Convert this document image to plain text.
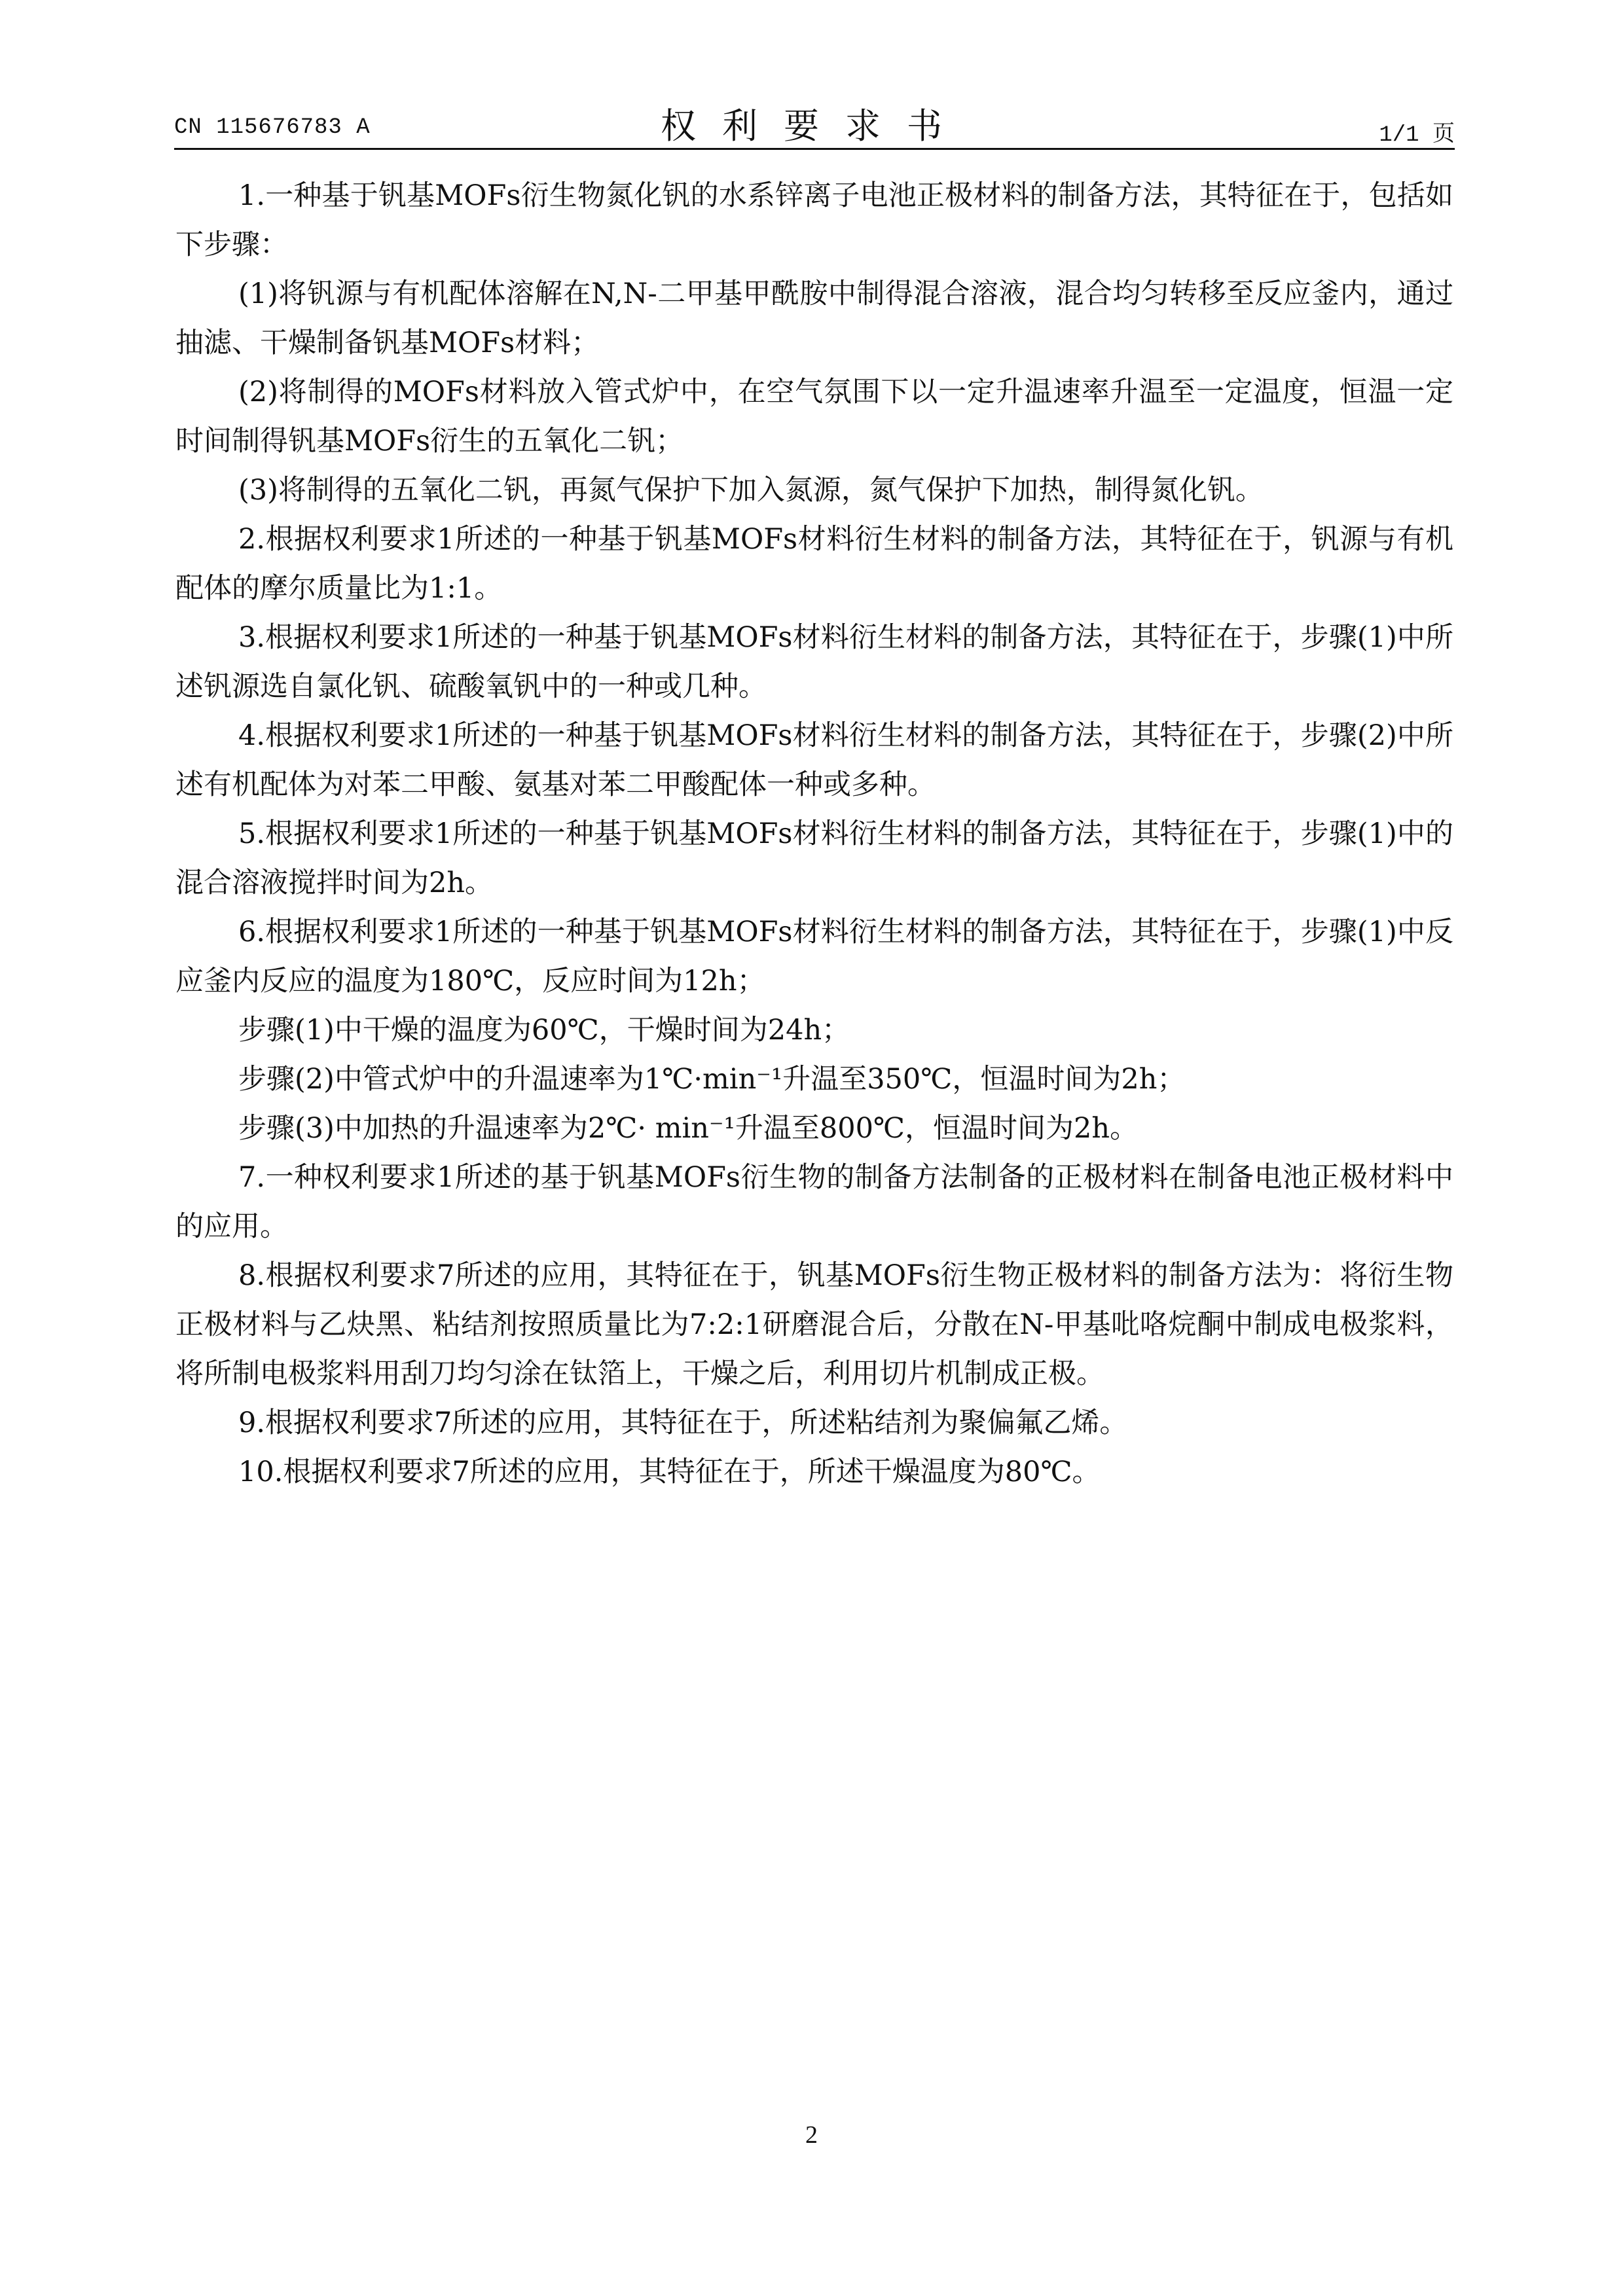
CN 115676783 A	权利要求书	1/1 页

1.一种基于钒基MOFs衍生物氮化钒的水系锌离子电池正极材料的制备方法，其特征在于，包括如下步骤：

(1)将钒源与有机配体溶解在N,N-二甲基甲酰胺中制得混合溶液，混合均匀转移至反应釜内，通过抽滤、干燥制备钒基MOFs材料；

(2)将制得的MOFs材料放入管式炉中，在空气氛围下以一定升温速率升温至一定温度，恒温一定时间制得钒基MOFs衍生的五氧化二钒；

(3)将制得的五氧化二钒，再氮气保护下加入氮源，氮气保护下加热，制得氮化钒。

2.根据权利要求1所述的一种基于钒基MOFs材料衍生材料的制备方法，其特征在于，钒源与有机配体的摩尔质量比为1:1。

3.根据权利要求1所述的一种基于钒基MOFs材料衍生材料的制备方法，其特征在于，步骤(1)中所述钒源选自氯化钒、硫酸氧钒中的一种或几种。

4.根据权利要求1所述的一种基于钒基MOFs材料衍生材料的制备方法，其特征在于，步骤(2)中所述有机配体为对苯二甲酸、氨基对苯二甲酸配体一种或多种。

5.根据权利要求1所述的一种基于钒基MOFs材料衍生材料的制备方法，其特征在于，步骤(1)中的混合溶液搅拌时间为2h。

6.根据权利要求1所述的一种基于钒基MOFs材料衍生材料的制备方法，其特征在于，步骤(1)中反应釜内反应的温度为180℃，反应时间为12h；

步骤(1)中干燥的温度为60℃，干燥时间为24h；

步骤(2)中管式炉中的升温速率为1℃·min⁻¹升温至350℃，恒温时间为2h；

步骤(3)中加热的升温速率为2℃· min⁻¹升温至800℃，恒温时间为2h。

7.一种权利要求1所述的基于钒基MOFs衍生物的制备方法制备的正极材料在制备电池正极材料中的应用。

8.根据权利要求7所述的应用，其特征在于，钒基MOFs衍生物正极材料的制备方法为：将衍生物正极材料与乙炔黑、粘结剂按照质量比为7:2:1研磨混合后，分散在N-甲基吡咯烷酮中制成电极浆料，将所制电极浆料用刮刀均匀涂在钛箔上，干燥之后，利用切片机制成正极。

9.根据权利要求7所述的应用，其特征在于，所述粘结剂为聚偏氟乙烯。

10.根据权利要求7所述的应用，其特征在于，所述干燥温度为80℃。

2
